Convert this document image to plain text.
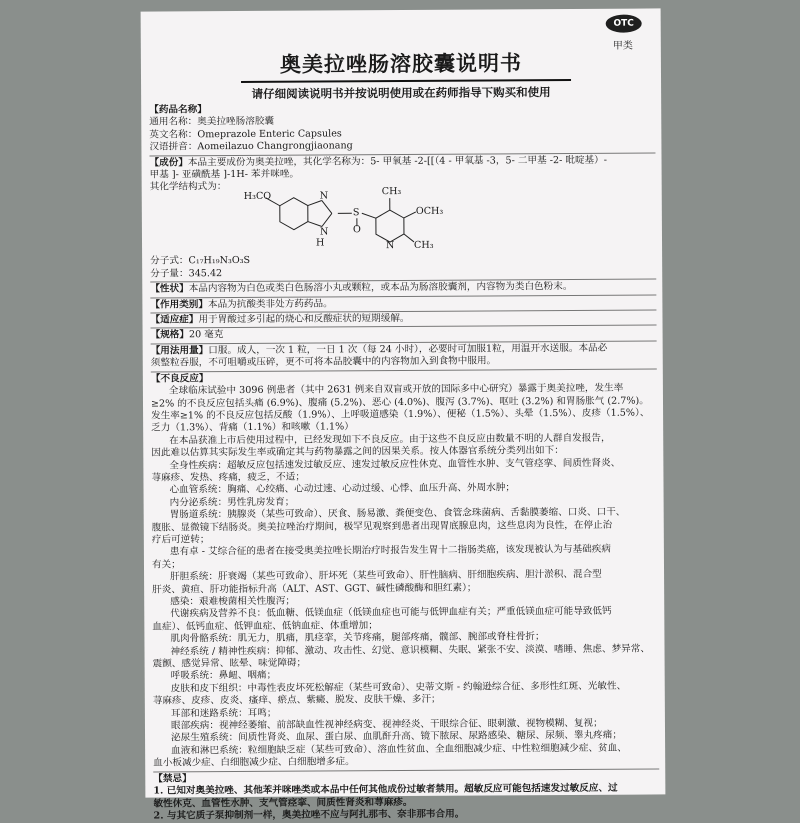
OTC
甲类
奥美拉唑肠溶胶囊说明书
请仔细阅读说明书并按说明使用或在药师指导下购买和使用

【药品名称】

通用名称：奥美拉唑肠溶胶囊

英文名称：Omeprazole Enteric Capsules

汉语拼音：Aomeilazuo Changrongjiaonang

【成份】本品主要成份为奥美拉唑，其化学名称为：5- 甲氧基 -2-[[（4 - 甲氧基 -3，5- 二甲基 -2- 吡啶基）-

甲基 ]- 亚磺酰基 ]-1H- 苯并咪唑。

其化学结构式为：
H₃CO	N
N
H
S
O
CH₃
OCH₃
N CH₃

分子式：C₁₇H₁₉N₃O₃S

分子量：345.42

【性状】本品内容物为白色或类白色肠溶小丸或颗粒，或本品为肠溶胶囊剂，内容物为类白色粉末。

【作用类别】本品为抗酸类非处方药药品。

【适应症】用于胃酸过多引起的烧心和反酸症状的短期缓解。

【规格】20 毫克

【用法用量】口服。成人，一次 1 粒，一日 1 次（每 24 小时），必要时可加服1粒，用温开水送服。本品必

须整粒吞服，不可咀嚼或压碎，更不可将本品胶囊中的内容物加入到食物中服用。

【不良反应】

全球临床试验中 3096 例患者（其中 2631 例来自双盲或开放的国际多中心研究）暴露于奥美拉唑，发生率

≥2% 的不良反应包括头痛 (6.9%)、腹痛 (5.2%)、恶心 (4.0%)、腹泻 (3.7%)、呕吐 (3.2%) 和胃肠胀气 (2.7%)。

发生率≥1% 的不良反应包括反酸（1.9%）、上呼吸道感染（1.9%）、便秘（1.5%）、头晕（1.5%）、皮疹（1.5%）、

乏力（1.3%）、背痛（1.1%）和咳嗽（1.1%）

在本品获准上市后使用过程中，已经发现如下不良反应。由于这些不良反应由数量不明的人群自发报告，

因此难以估算其实际发生率或确定其与药物暴露之间的因果关系。按人体器官系统分类列出如下：

全身性疾病：超敏反应包括速发过敏反应、速发过敏反应性休克、血管性水肿、支气管痉挛、间质性肾炎、

荨麻疹、发热、疼痛，疲乏，不适；

心血管系统：胸痛、心绞痛、心动过速、心动过缓、心悸、血压升高、外周水肿；

内分泌系统：男性乳房发育；

胃肠道系统：胰腺炎（某些可致命）、厌食、肠易激、粪便变色、食管念珠菌病、舌黏膜萎缩、口炎、口干、

腹胀、显微镜下结肠炎。奥美拉唑治疗期间，极罕见观察到患者出现胃底腺息肉，这些息肉为良性，在停止治

疗后可逆转；

患有卓 - 艾综合征的患者在接受奥美拉唑长期治疗时报告发生胃十二指肠类癌，该发现被认为与基础疾病

有关；

肝胆系统：肝衰竭（某些可致命）、肝坏死（某些可致命）、肝性脑病、肝细胞疾病、胆汁淤积、混合型

肝炎、黄疸、肝功能指标升高（ALT、AST、GGT、碱性磷酸酶和胆红素）；

感染：艰难梭菌相关性腹泻；

代谢疾病及营养不良：低血糖、低镁血症（低镁血症也可能与低钾血症有关；严重低镁血症可能导致低钙

血症）、低钙血症、低钾血症、低钠血症、体重增加；

肌肉骨骼系统：肌无力，肌痛，肌痉挛，关节疼痛，腿部疼痛，髋部、腕部或脊柱骨折；

神经系统 / 精神性疾病：抑郁、激动、攻击性、幻觉、意识模糊、失眠、紧张不安、淡漠、嗜睡、焦虑、梦异常、

震颤、感觉异常、眩晕、味觉障碍；

呼吸系统：鼻衄、咽痛；

皮肤和皮下组织：中毒性表皮坏死松解症（某些可致命）、史蒂文斯 - 约翰逊综合征、多形性红斑、光敏性、

荨麻疹、皮疹、皮炎、瘙痒、瘀点、紫癜、脱发、皮肤干燥、多汗；

耳部和迷路系统：耳鸣；

眼部疾病：视神经萎缩、前部缺血性视神经病变、视神经炎、干眼综合征、眼刺激、视物模糊、复视；

泌尿生殖系统：间质性肾炎、血尿、蛋白尿、血肌酐升高、镜下脓尿、尿路感染、糖尿、尿频、睾丸疼痛；

血液和淋巴系统：粒细胞缺乏症（某些可致命）、溶血性贫血、全血细胞减少症、中性粒细胞减少症、贫血、

血小板减少症、白细胞减少症、白细胞增多症。

【禁忌】

1. 已知对奥美拉唑、其他苯并咪唑类或本品中任何其他成份过敏者禁用。超敏反应可能包括速发过敏反应、过

敏性休克、血管性水肿、支气管痉挛、间质性肾炎和荨麻疹。

2. 与其它质子泵抑制剂一样，奥美拉唑不应与阿扎那韦、奈非那韦合用。
